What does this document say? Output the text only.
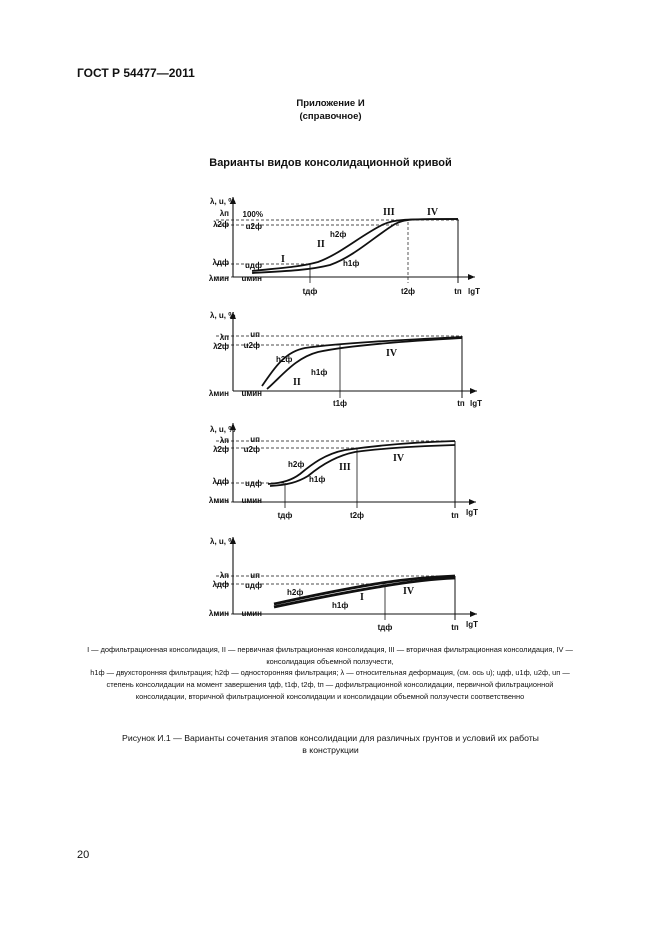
ГОСТ Р 54477—2011
Приложение И
(справочное)
Варианты видов консолидационной кривой
λ, u, %
λп 100%
λ2ф u2ф
λдф uдф
λмин uмин
tдф	t2ф	tп lgT
h2ф
h1ф
I
II
III	IV
λ, u, %
λп	uп
λ2ф u2ф
λмин uмин
t1ф	tп lgT
h2ф
h1ф
II
IV
λ, u, %
λп	uп
λ2ф u2ф
λдф uдф
λмин uмин
tдф	t2ф	tп lgT
h2ф
h1ф
III
IV
λ, u, %
λп	uп
λдф uдф
λмин uмин
tдф	tп lgT
h2ф
h1ф
I
IV

I — дофильтрационная консолидация, II — первичная фильтрационная консолидация, III — вторичная фильтрационная консолидация, IV — консолидация объемной ползучести,

h1ф — двухсторонняя фильтрация; h2ф — односторонняя фильтрация; λ — относительная деформация, (см. ось u); uдф, u1ф, u2ф, uп — степень консолидации на момент завершения tдф, t1ф, t2ф, tп — дофильтрационной консолидации, первичной фильтрационной консолидации, вторичной фильтрационной консолидации и консолидации объемной ползучести соответственно

Рисунок И.1 — Варианты сочетания этапов консолидации для различных грунтов и условий их работы

в конструкции

20
